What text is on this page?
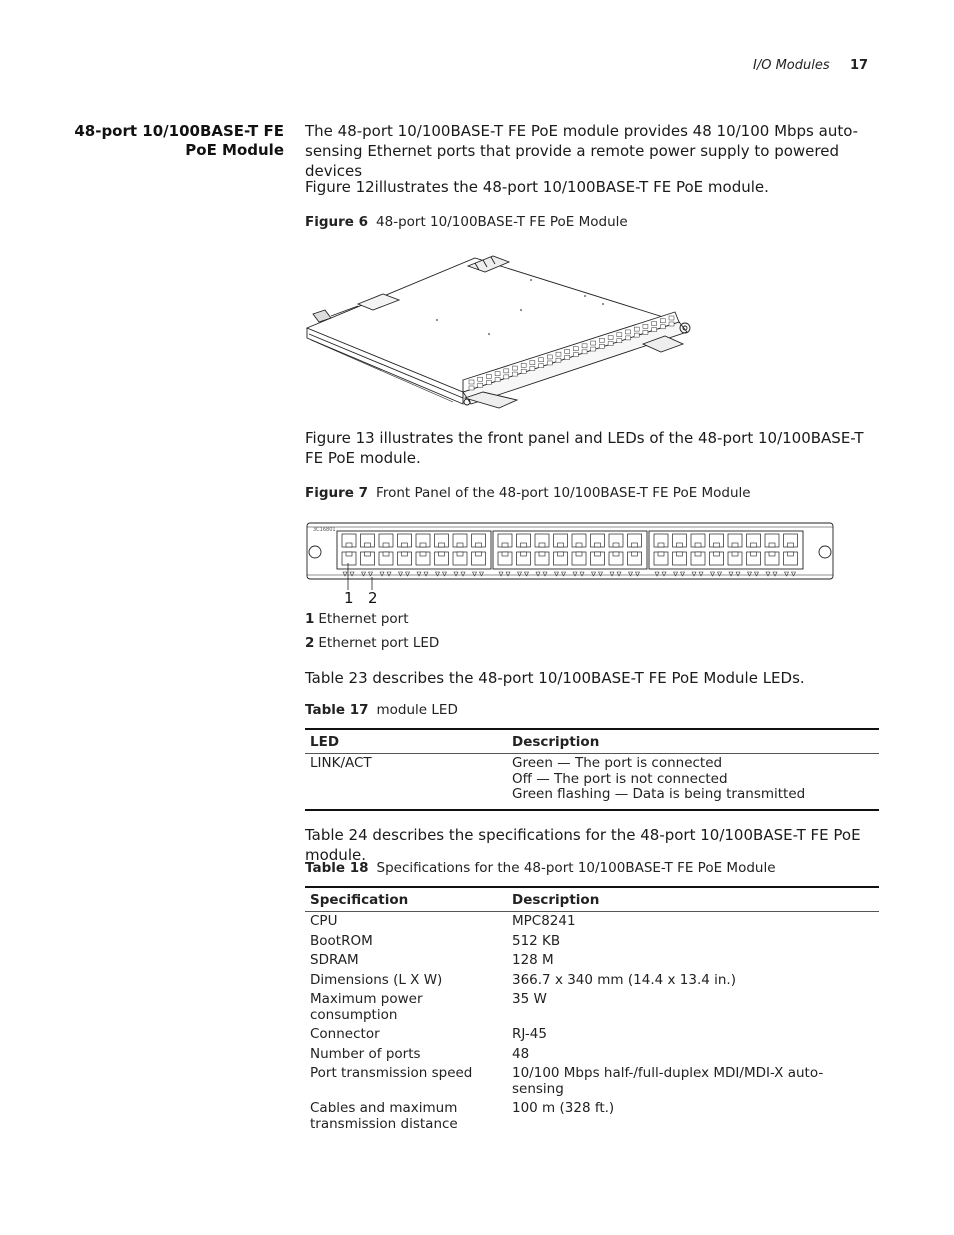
I/O Modules 17
48-port 10/100BASE-T FE
PoE Module
The 48-port 10/100BASE-T FE PoE module provides 48 10/100 Mbps auto-sensing Ethernet ports that provide a remote power supply to powered devices
Figure 12illustrates the 48-port 10/100BASE-T FE PoE module.
Figure 6 48-port 10/100BASE-T FE PoE Module
Figure 13 illustrates the front panel and LEDs of the 48-port 10/100BASE-T FE PoE module.
Figure 7 Front Panel of the 48-port 10/100BASE-T FE PoE Module
3C16801
1 2
1 Ethernet port
2 Ethernet port LED
Table 23 describes the 48-port 10/100BASE-T FE PoE Module LEDs.
Table 17 module LED
LED	Description
LINK/ACT	Green — The port is connected
Off — The port is not connected
Green flashing — Data is being transmitted
Table 24 describes the specifications for the 48-port 10/100BASE-T FE PoE module.
Table 18 Specifications for the 48-port 10/100BASE-T FE PoE Module
Specification	Description
CPU	MPC8241
BootROM	512 KB
SDRAM	128 M
Dimensions (L X W)	366.7 x 340 mm (14.4 x 13.4 in.)
Maximum power consumption	35 W
Connector	RJ-45
Number of ports	48
Port transmission speed	10/100 Mbps half-/full-duplex MDI/MDI-X auto-sensing
Cables and maximum transmission distance	100 m (328 ft.)
